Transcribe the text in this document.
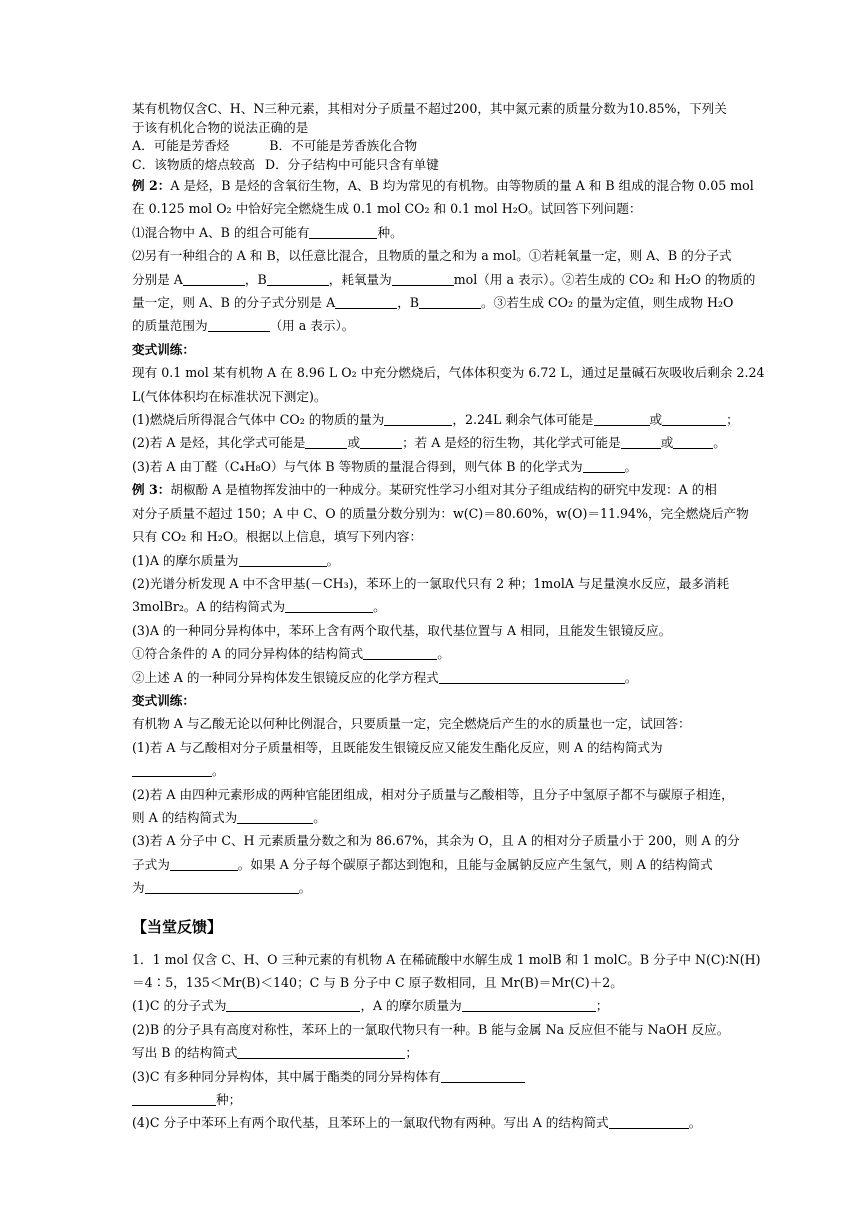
某有机物仅含C、H、N三种元素，其相对分子质量不超过200，其中氮元素的质量分数为10.85%，下列关
于该有机化合物的说法正确的是
A．可能是芳香烃	B．不可能是芳香族化合物
C．该物质的熔点较高 D．分子结构中可能只含有单键
例 2：A 是烃，B 是烃的含氧衍生物，A、B 均为常见的有机物。由等物质的量 A 和 B 组成的混合物 0.05 mol
在 0.125 mol O₂ 中恰好完全燃烧生成 0.1 mol CO₂ 和 0.1 mol H₂O。试回答下列问题：
⑴混合物中 A、B 的组合可能有	种。
⑵另有一种组合的 A 和 B，以任意比混合，且物质的量之和为 a mol。①若耗氧量一定，则 A、B 的分子式
分别是 A	，B	，耗氧量为	mol（用 a 表示）。②若生成的 CO₂ 和 H₂O 的物质的
量一定，则 A、B 的分子式分别是 A	，B	。③若生成 CO₂ 的量为定值，则生成物 H₂O
的质量范围为	（用 a 表示）。
变式训练：
现有 0.1 mol 某有机物 A 在 8.96 L O₂ 中充分燃烧后，气体体积变为 6.72 L，通过足量碱石灰吸收后剩余 2.24
L(气体体积均在标准状况下测定)。
(1)燃烧后所得混合气体中 CO₂ 的物质的量为	，2.24L 剩余气体可能是	或	；
(2)若 A 是烃，其化学式可能是	或	；若 A 是烃的衍生物，其化学式可能是	或	。
(3)若 A 由丁醛（C₄H₈O）与气体 B 等物质的量混合得到，则气体 B 的化学式为	。
例 3：胡椒酚 A 是植物挥发油中的一种成分。某研究性学习小组对其分子组成结构的研究中发现：A 的相
对分子质量不超过 150；A 中 C、O 的质量分数分别为：w(C)＝80.60%，w(O)＝11.94%，完全燃烧后产物
只有 CO₂ 和 H₂O。根据以上信息，填写下列内容：
(1)A 的摩尔质量为	。
(2)光谱分析发现 A 中不含甲基(－CH₃)，苯环上的一氯取代只有 2 种；1molA 与足量溴水反应，最多消耗
3molBr₂。A 的结构简式为	。
(3)A 的一种同分异构体中，苯环上含有两个取代基，取代基位置与 A 相同，且能发生银镜反应。
①符合条件的 A 的同分异构体的结构简式	。
②上述 A 的一种同分异构体发生银镜反应的化学方程式	。
变式训练：
有机物 A 与乙酸无论以何种比例混合，只要质量一定，完全燃烧后产生的水的质量也一定，试回答：
(1)若 A 与乙酸相对分子质量相等，且既能发生银镜反应又能发生酯化反应，则 A 的结构简式为
。
(2)若 A 由四种元素形成的两种官能团组成，相对分子质量与乙酸相等，且分子中氢原子都不与碳原子相连，
则 A 的结构简式为	。
(3)若 A 分子中 C、H 元素质量分数之和为 86.67%，其余为 O，且 A 的相对分子质量小于 200，则 A 的分
子式为	。如果 A 分子每个碳原子都达到饱和，且能与金属钠反应产生氢气，则 A 的结构简式
为	。
【当堂反馈】
1．1 mol 仅含 C、H、O 三种元素的有机物 A 在稀硫酸中水解生成 1 molB 和 1 molC。B 分子中 N(C)∶N(H)
＝4∶5，135＜Mr(B)＜140；C 与 B 分子中 C 原子数相同，且 Mr(B)＝Mr(C)＋2。
(1)C 的分子式为	，A 的摩尔质量为	；
(2)B 的分子具有高度对称性，苯环上的一氯取代物只有一种。B 能与金属 Na 反应但不能与 NaOH 反应。
写出 B 的结构简式	；
(3)C 有多种同分异构体，其中属于酯类的同分异构体有
种；
(4)C 分子中苯环上有两个取代基，且苯环上的一氯取代物有两种。写出 A 的结构简式	。
